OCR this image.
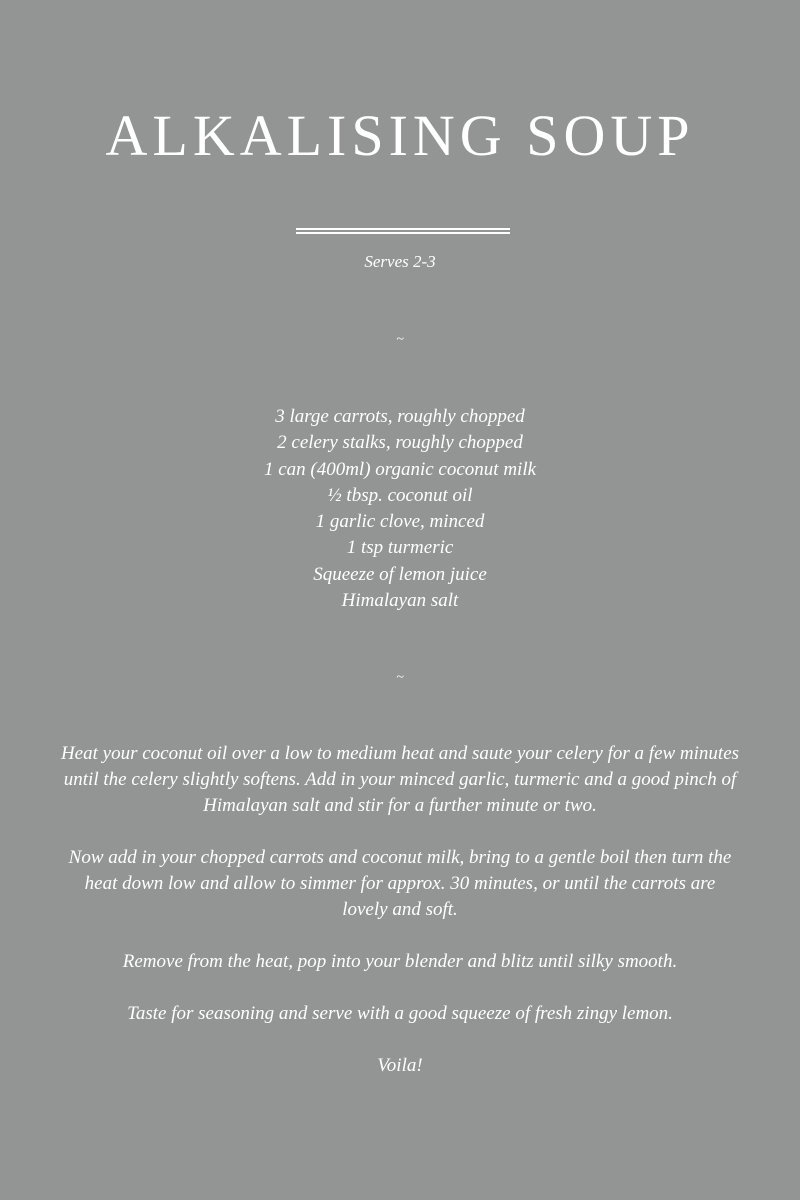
ALKALISING SOUP
Serves 2-3
~
3 large carrots, roughly chopped
2 celery stalks, roughly chopped
1 can (400ml) organic coconut milk
½ tbsp. coconut oil
1 garlic clove, minced
1 tsp turmeric
Squeeze of lemon juice
Himalayan salt
~

Heat your coconut oil over a low to medium heat and saute your celery for a few minutes until the celery slightly softens. Add in your minced garlic, turmeric and a good pinch of Himalayan salt and stir for a further minute or two.

Now add in your chopped carrots and coconut milk, bring to a gentle boil then turn the heat down low and allow to simmer for approx. 30 minutes, or until the carrots are lovely and soft.

Remove from the heat, pop into your blender and blitz until silky smooth.

Taste for seasoning and serve with a good squeeze of fresh zingy lemon.

Voila!
